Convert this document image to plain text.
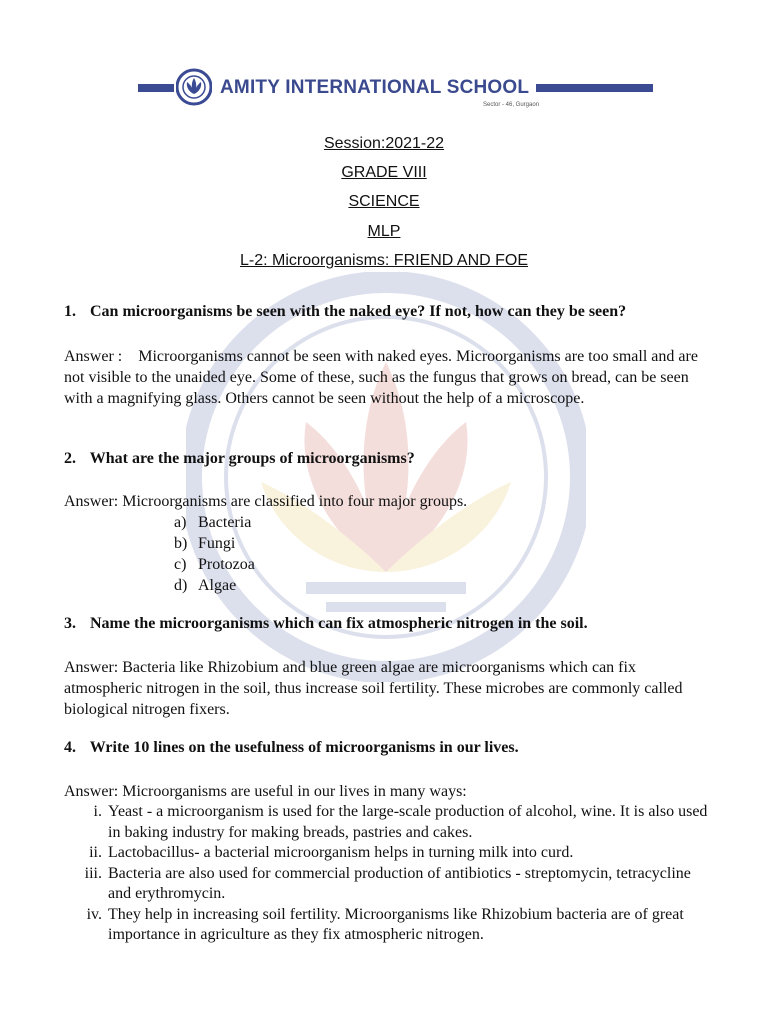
AMITY INTERNATIONAL SCHOOL
Sector - 46, Gurgaon
Session:2021-22
GRADE VIII
SCIENCE
MLP
L-2: Microorganisms: FRIEND AND FOE
1. Can microorganisms be seen with the naked eye? If not, how can they be seen?
Answer :    Microorganisms cannot be seen with naked eyes. Microorganisms are too small and are not visible to the unaided eye. Some of these, such as the fungus that grows on bread, can be seen with a magnifying glass. Others cannot be seen without the help of a microscope.
2. What are the major groups of microorganisms?
Answer: Microorganisms are classified into four major groups.
a) Bacteria
b) Fungi
c) Protozoa
d) Algae
3. Name the microorganisms which can fix atmospheric nitrogen in the soil.
Answer: Bacteria like Rhizobium and blue green algae are microorganisms which can fix atmospheric nitrogen in the soil, thus increase soil fertility. These microbes are commonly called biological nitrogen fixers.
4. Write 10 lines on the usefulness of microorganisms in our lives.
Answer: Microorganisms are useful in our lives in many ways:
i. Yeast - a microorganism is used for the large-scale production of alcohol, wine. It is also used in baking industry for making breads, pastries and cakes.
ii. Lactobacillus- a bacterial microorganism helps in turning milk into curd.
iii. Bacteria are also used for commercial production of antibiotics - streptomycin, tetracycline and erythromycin.
iv. They help in increasing soil fertility. Microorganisms like Rhizobium bacteria are of great importance in agriculture as they fix atmospheric nitrogen.
